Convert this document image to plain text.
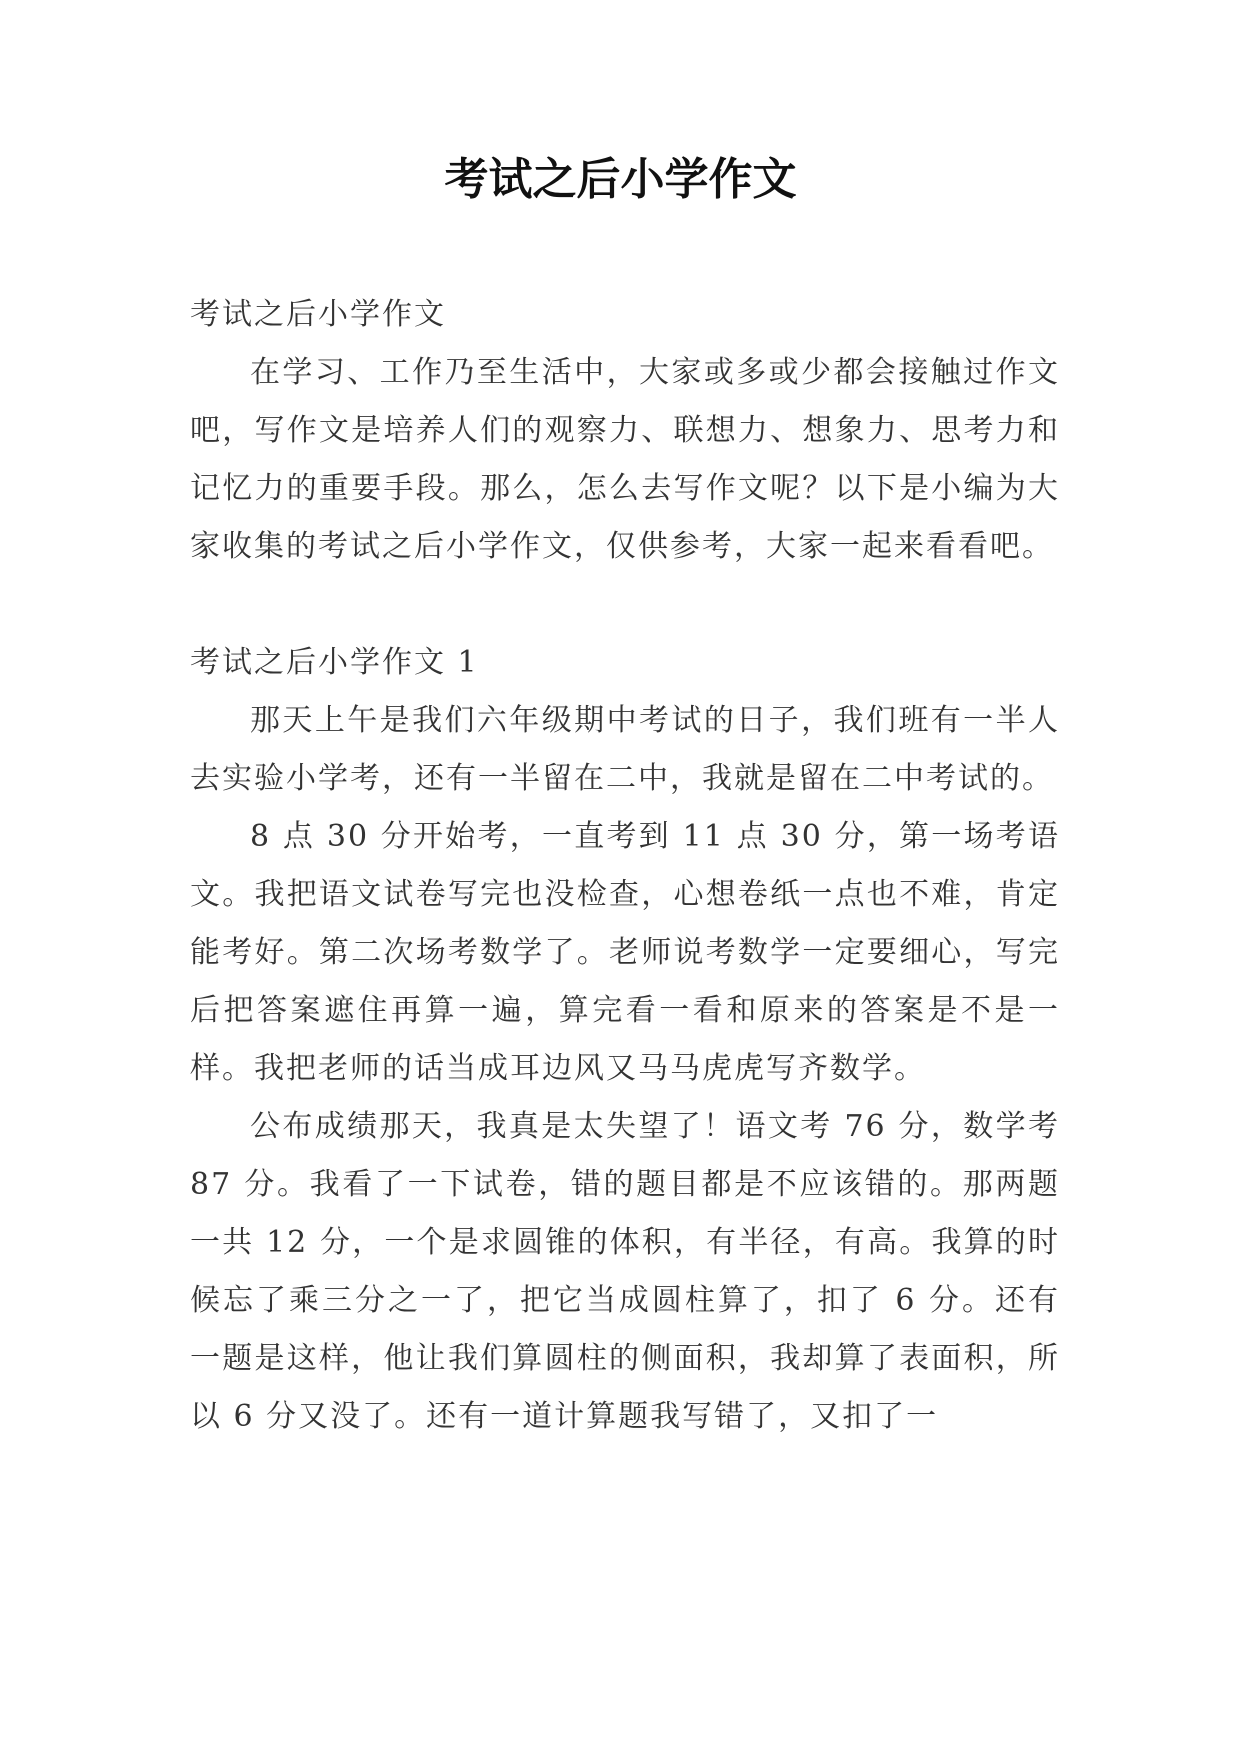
考试之后小学作文

考试之后小学作文

在学习、工作乃至生活中，大家或多或少都会接触过作文吧，写作文是培养人们的观察力、联想力、想象力、思考力和记忆力的重要手段。那么，怎么去写作文呢？以下是小编为大家收集的考试之后小学作文，仅供参考，大家一起来看看吧。

考试之后小学作文 1

那天上午是我们六年级期中考试的日子，我们班有一半人去实验小学考，还有一半留在二中，我就是留在二中考试的。

8 点 30 分开始考，一直考到 11 点 30 分，第一场考语文。我把语文试卷写完也没检查，心想卷纸一点也不难，肯定能考好。第二次场考数学了。老师说考数学一定要细心，写完后把答案遮住再算一遍，算完看一看和原来的答案是不是一样。我把老师的话当成耳边风又马马虎虎写齐数学。

公布成绩那天，我真是太失望了！语文考 76 分，数学考 87 分。我看了一下试卷，错的题目都是不应该错的。那两题一共 12 分，一个是求圆锥的体积，有半径，有高。我算的时候忘了乘三分之一了，把它当成圆柱算了，扣了 6 分。还有一题是这样，他让我们算圆柱的侧面积，我却算了表面积，所以 6 分又没了。还有一道计算题我写错了，又扣了一
